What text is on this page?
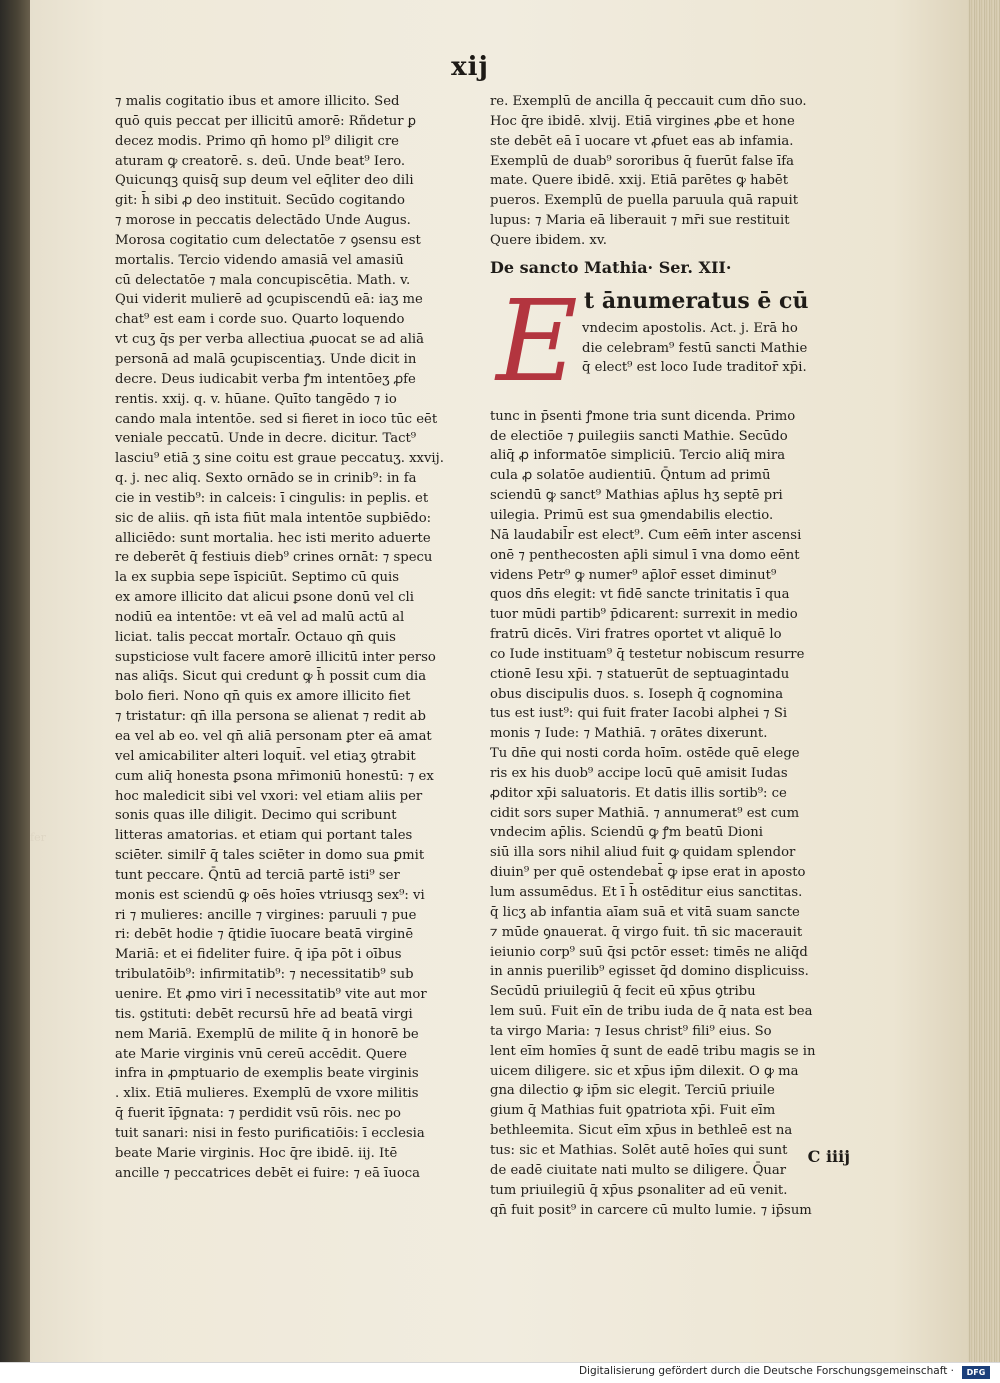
fer
xij
⁊ malis cogitatio ibus et amore illicito. Sed
quō quis peccat per illicitū amorē: Rñdetur ꝑ
decez modis. Primo qn̄ homo pl⁹ diligit cre
aturam ꝙ creatorē. s. deū. Unde beat⁹ Iero.
Quicunqꝫ quisq̄ sup deum vel eq̄liter deo dili
git: h̄ sibi ꝓ deo instituit. Secūdo cogitando
⁊ morose in peccatis delectādo Unde Augus.
Morosa cogitatio cum delectatōe ⁊ ꝯsensu est
mortalis. Tercio videndo amasiā vel amasiū
cū delectatōe ⁊ mala concupiscētia. Math. v.
Qui viderit mulierē ad ꝯcupiscendū eā: iaʒ me
chat⁹ est eam i corde suo. Quarto loquendo
vt cuʒ q̄s per verba allectiua ꝓuocat se ad aliā
personā ad malā ꝯcupiscentiaʒ. Unde dicit in
decre. Deus iudicabit verba ꝭm intentōeʒ ꝓfe
rentis. xxij. q. v. hūane. Quīto tangēdo ⁊ io
cando mala intentōe. sed si fieret in ioco tūc eēt
veniale peccatū. Unde in decre. dicitur. Tact⁹
lasciu⁹ etiā ʒ sine coitu est graue peccatuʒ. xxvij.
q. j. nec aliq. Sexto ornādo se in crinib⁹: in fa
cie in vestib⁹: in calceis: ī cingulis: in peplis. et
sic de aliis. qn̄ ista fiūt mala intentōe supbiēdo:
alliciēdo: sunt mortalia. hec isti merito aduerte
re deberēt q̄ festiuis dieb⁹ crines ornāt: ⁊ specu
la ex supbia sepe īspiciūt. Septimo cū quis
ex amore illicito dat alicui ꝑsone donū vel cli
nodiū ea intentōe: vt eā vel ad malū actū al
liciat. talis peccat mortal̄r. Octauo qn̄ quis
supsticiose vult facere amorē illicitū inter perso
nas aliq̄s. Sicut qui credunt ꝙ h̄ possit cum dia
bolo fieri. Nono qn̄ quis ex amore illicito fiet
⁊ tristatur: qn̄ illa persona se alienat ⁊ redit ab
ea vel ab eo. vel qn̄ aliā personam ꝑter eā amat
vel amicabiliter alteri loquit̄. vel etiaʒ ꝯtrabit
cum aliq̄ honesta ꝑsona mr̄imoniū honestū: ⁊ ex
hoc maledicit sibi vel vxori: vel etiam aliis per
sonis quas ille diligit. Decimo qui scribunt
litteras amatorias. et etiam qui portant tales
sciēter. similr̄ q̄ tales sciēter in domo sua ꝑmit
tunt peccare. Q̄ntū ad terciā partē isti⁹ ser
monis est sciendū ꝙ oēs hoīes vtriusqꝫ sex⁹: vi
ri ⁊ mulieres: ancille ⁊ virgines: paruuli ⁊ pue
ri: debēt hodie ⁊ q̄tidie īuocare beatā virginē
Mariā: et ei fideliter fuire. q̄ ip̄a pōt i oībus
tribulatōib⁹: infirmitatib⁹: ⁊ necessitatib⁹ sub
uenire. Et ꝓmo viri ī necessitatib⁹ vite aut mor
tis. ꝯstituti: debēt recursū hr̄e ad beatā virgi
nem Mariā. Exemplū de milite q̄ in honorē be
ate Marie virginis vnū cereū accēdit. Quere
infra in ꝓmptuario de exemplis beate virginis
. xlix. Etiā mulieres. Exemplū de vxore militis
q̄ fuerit īp̄gnata: ⁊ perdidit vsū rōis. nec po
tuit sanari: nisi in festo purificatiōis: ī ecclesia
beate Marie virginis. Hoc q̄re ibidē. iij. Itē
ancille ⁊ peccatrices debēt ei fuire: ⁊ eā īuoca
re. Exemplū de ancilla q̄ peccauit cum dn̄o suo.
Hoc q̄re ibidē. xlvij. Etiā virgines ꝓbe et hone
ste debēt eā ī uocare vt ꝓfuet eas ab infamia.
Exemplū de duab⁹ sororibus q̄ fuerūt false īfa
mate. Quere ibidē. xxij. Etiā parētes ꝙ habēt
pueros. Exemplū de puella paruula quā rapuit
lupus: ⁊ Maria eā liberauit ⁊ mr̄i sue restituit
Quere ibidem. xv.
De sancto Mathia· Ser. XII·
E t ānumeratus ē cū
vndecim apostolis. Act. j. Erā ho
die celebram⁹ festū sancti Mathie
q̄ elect⁹ est loco Iude traditor̄ xp̄i.
tunc in p̄senti ꝭmone tria sunt dicenda. Primo
de electiōe ⁊ ꝑuilegiis sancti Mathie. Secūdo
aliq̄ ꝓ informatōe simpliciū. Tercio aliq̄ mira
cula ꝓ solatōe audientiū. Q̄ntum ad primū
sciendū ꝙ sanct⁹ Mathias ap̄lus hʒ septē pri
uilegia. Primū est sua ꝯmendabilis electio.
Nā laudabil̄r est elect⁹. Cum eēm̄ inter ascensi
onē ⁊ penthecosten ap̄li simul ī vna domo eēnt
videns Petr⁹ ꝙ numer⁹ ap̄lor̄ esset diminut⁹
quos dn̄s elegit: vt fidē sancte trinitatis ī qua
tuor mūdi partib⁹ p̄dicarent: surrexit in medio
fratrū dicēs. Viri fratres oportet vt aliquē lo
co Iude instituam⁹ q̄ testetur nobiscum resurre
ctionē Iesu xp̄i. ⁊ statuerūt de septuagintadu
obus discipulis duos. s. Ioseph q̄ cognomina
tus est iust⁹: qui fuit frater Iacobi alphei ⁊ Si
monis ⁊ Iude: ⁊ Mathiā. ⁊ orātes dixerunt.
Tu dn̄e qui nosti corda hoīm. ostēde quē elege
ris ex his duob⁹ accipe locū quē amisit Iudas
ꝓditor xp̄i saluatoris. Et datis illis sortib⁹: ce
cidit sors super Mathiā. ⁊ annumerat⁹ est cum
vndecim ap̄lis. Sciendū ꝙ ꝭm beatū Dioni
siū illa sors nihil aliud fuit ꝙ quidam splendor
diuin⁹ per quē ostendebat̄ ꝙ ipse erat in aposto
lum assumēdus. Et ī h̄ ostēditur eius sanctitas.
q̄ licʒ ab infantia aīam suā et vitā suam sancte
⁊ mūde ꝯnauerat. q̄ virgo fuit. tn̄ sic macerauit
ieiunio corp⁹ suū q̄si pctōr esset: timēs ne aliq̄d
in annis puerilib⁹ egisset q̄d domino displicuiss.
Secūdū priuilegiū q̄ fecit eū xp̄us ꝯtribu
lem suū. Fuit eīn de tribu iuda de q̄ nata est bea
ta virgo Maria: ⁊ Iesus christ⁹ fili⁹ eius. So
lent eīm homīes q̄ sunt de eadē tribu magis se in
uicem diligere. sic et xp̄us ip̄m dilexit. O ꝙ ma
gna dilectio ꝙ ip̄m sic elegit. Terciū priuile
gium q̄ Mathias fuit ꝯpatriota xp̄i. Fuit eīm
bethleemita. Sicut eīm xp̄us in bethleē est na
tus: sic et Mathias. Solēt autē hoīes qui sunt
de eadē ciuitate nati multo se diligere. Q̄uar
tum priuilegiū q̄ xp̄us ꝑsonaliter ad eū venit.
qn̄ fuit posit⁹ in carcere cū multo lumie. ⁊ ip̄sum
C iiij
Digitalisierung gefördert durch die Deutsche Forschungsgemeinschaft ·	DFG
